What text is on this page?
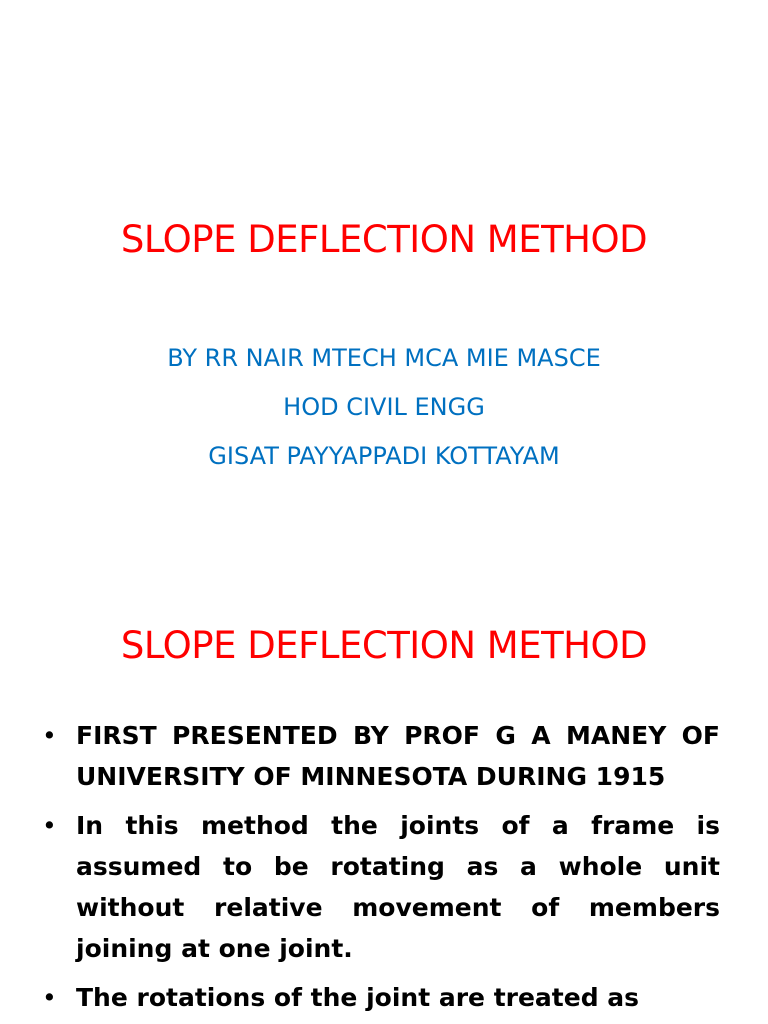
SLOPE DEFLECTION METHOD
BY RR NAIR MTECH MCA MIE MASCE
HOD CIVIL ENGG
GISAT PAYYAPPADI KOTTAYAM
SLOPE DEFLECTION METHOD
• FIRST PRESENTED BY PROF G A MANEY OF UNIVERSITY OF MINNESOTA DURING 1915
• In this method the joints of a frame is assumed to be rotating as a whole unit without relative movement of members joining at one joint.
• The rotations of the joint are treated as
